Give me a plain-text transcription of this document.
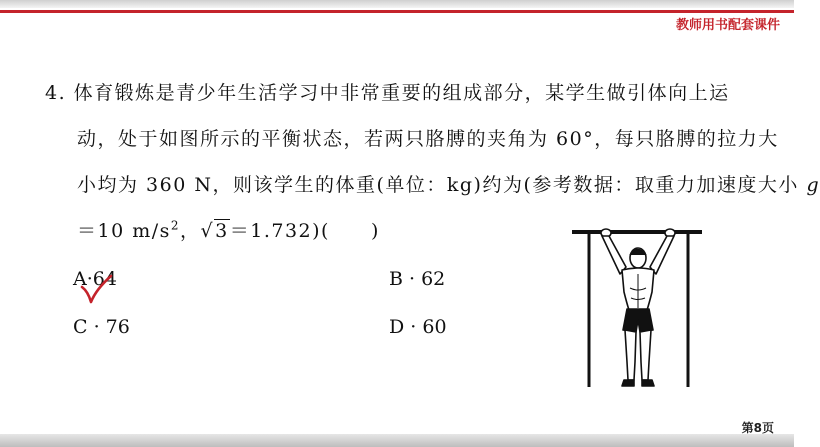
教师用书配套课件
4. 体育锻炼是青少年生活学习中非常重要的组成部分，某学生做引体向上运
动，处于如图所示的平衡状态，若两只胳膊的夹角为 60°，每只胳膊的拉力大
小均为 360 N，则该学生的体重(单位：kg)约为(参考数据：取重力加速度大小 g
＝10 $m/s^2$，√3＝1.732)(　　)
A·64	B · 62
C · 76	D · 60
第8页
